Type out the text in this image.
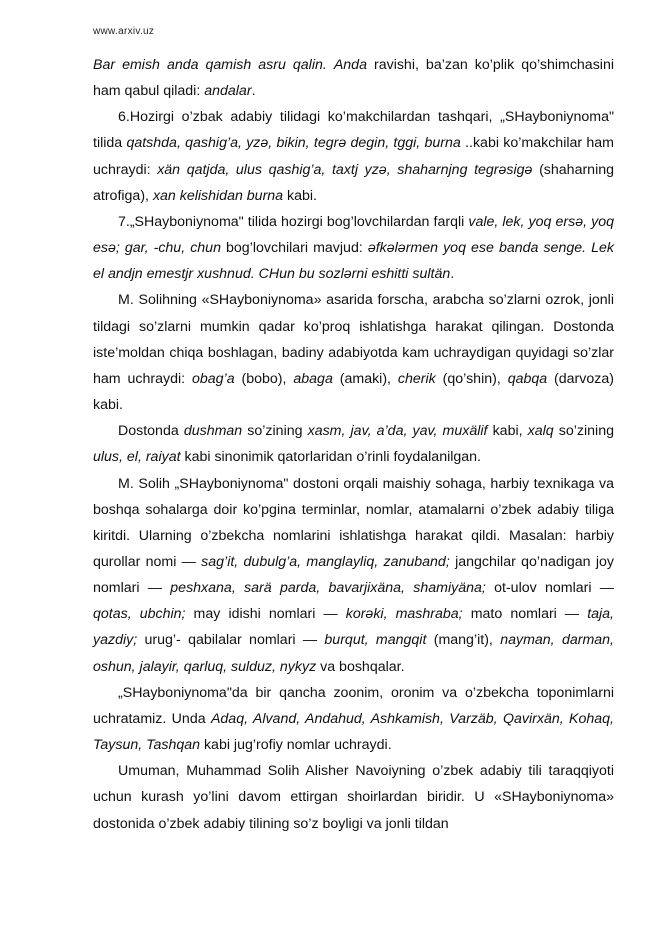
www.arxiv.uz

Bar emish anda qamish asru qalin. Anda ravishi, ba’zan ko’plik qo’shimchasini ham qabul qiladi: andalar.

6.Hozirgi o’zbak adabiy tilidagi ko’makchilardan tashqari, „SHayboniynoma" tilida qatshda, qashig’a, yzə, bikin, tegrə degin, tggi, burna ..kabi ko’makchilar ham uchraydi: xän qatjda, ulus qashig’a, taxtj yzə, shaharnjng tegrəsigə (shaharning atrofiga), xan kelishidan burna kabi.

7.„SHayboniynoma" tilida hozirgi bog’lovchilardan farqli vale, lek, yoq ersə, yoq esə; gar, -chu, chun bog’lovchilari mavjud: əfkələrmen yoq ese banda senge. Lek el andjn emestjr xushnud. CHun bu sozlərni eshitti sultän.

M. Solihning «SHayboniynoma» asarida forscha, arabcha so’zlarni ozrok, jonli tildagi so’zlarni mumkin qadar ko’proq ishlatishga harakat qilingan. Dostonda iste’moldan chiqa boshlagan, badiny adabiyotda kam uchraydigan quyidagi so’zlar ham uchraydi: obag’a (bobo), abaga (amaki), cherik (qo’shin), qabqa (darvoza) kabi.

Dostonda dushman so’zining xasm, jav, a’da, yav, muxälif kabi, xalq so’zining ulus, el, raiyat kabi sinonimik qatorlaridan o’rinli foydalanilgan.

M. Solih „SHayboniynoma" dostoni orqali maishiy sohaga, harbiy texnikaga va boshqa sohalarga doir ko’pgina terminlar, nomlar, atamalarni o’zbek adabiy tiliga kiritdi. Ularning o’zbekcha nomlarini ishlatishga harakat qildi. Masalan: harbiy qurollar nomi — sag’it, dubulg’a, manglayliq, zanuband; jangchilar qo’nadigan joy nomlari — peshxana, sarä parda, bavarjixäna, shamiyäna; ot-ulov nomlari — qotas, ubchin; may idishi nomlari — korəki, mashraba; mato nomlari — taja, yazdiy; urug’- qabilalar nomlari — burqut, mangqit (mang’it), nayman, darman, oshun, jalayir, qarluq, sulduz, nykyz va boshqalar.

„SHayboniynoma"da bir qancha zoonim, oronim va o’zbekcha toponimlarni uchratamiz. Unda Adaq, Alvand, Andahud, Ashkamish, Varzäb, Qavirxän, Kohaq, Taysun, Tashqan kabi jug’rofiy nomlar uchraydi.

Umuman, Muhammad Solih Alisher Navoiyning o’zbek adabiy tili taraqqiyoti uchun kurash yo’lini davom ettirgan shoirlardan biridir. U «SHayboniynoma» dostonida o’zbek adabiy tilining so’z boyligi va jonli tildan
